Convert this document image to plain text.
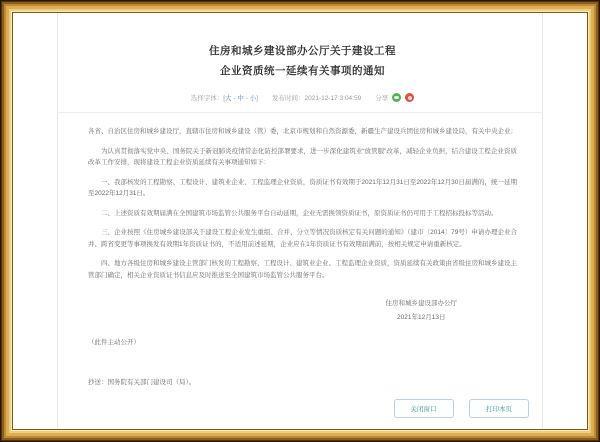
住房和城乡建设部办公厅关于建设工程
企业资质统一延续有关事项的通知
选择字体：[大 - 中 - 小] 发布时间：2021-12-17 3:04:59 分享

各省、自治区住房和城乡建设厅，直辖市住房和城乡建设（管）委，北京市规划和自然资源委，新疆生产建设兵团住房和城乡建设局，有关中央企业：

为认真贯彻落实党中央、国务院关于新冠肺炎疫情常态化防控部署要求，进一步深化建筑业“放管服”改革，减轻企业负担，结合建设工程企业资质改革工作安排，现将建设工程企业资质延续有关事项通知如下：

一、我部核发的工程勘察、工程设计、建筑业企业、工程监理企业资质，资质证书有效期于2021年12月31日至2022年12月30日届满的，统一延期至2022年12月31日。

二、上述资质有效期届满在全国建筑市场监管公共服务平台自动延期，企业无需换领资质证书，原资质证书仍可用于工程招标投标等活动。

三、企业按照《住房城乡建设部关于建设工程企业发生重组、合并、分立等情况资质核定有关问题的通知》（建市〔2014〕79号）申请办理企业合并、跨省变更等事项换发有效期1年资质证书的，不适用前述延期，企业应在1年资质证书有效期届满前，按相关规定申请重新核定。

四、地方各级住房和城乡建设主管部门核发的工程勘察、工程设计、建筑业企业、工程监理企业资质，资质延续有关政策由省级住房和城乡建设主管部门确定，相关企业资质证书信息应及时推送至全国建筑市场监管公共服务平台。

住房和城乡建设部办公厅
2021年12月13日

（此件主动公开）

抄送：国务院有关部门建设司（局）。

关闭窗口	打印本页
